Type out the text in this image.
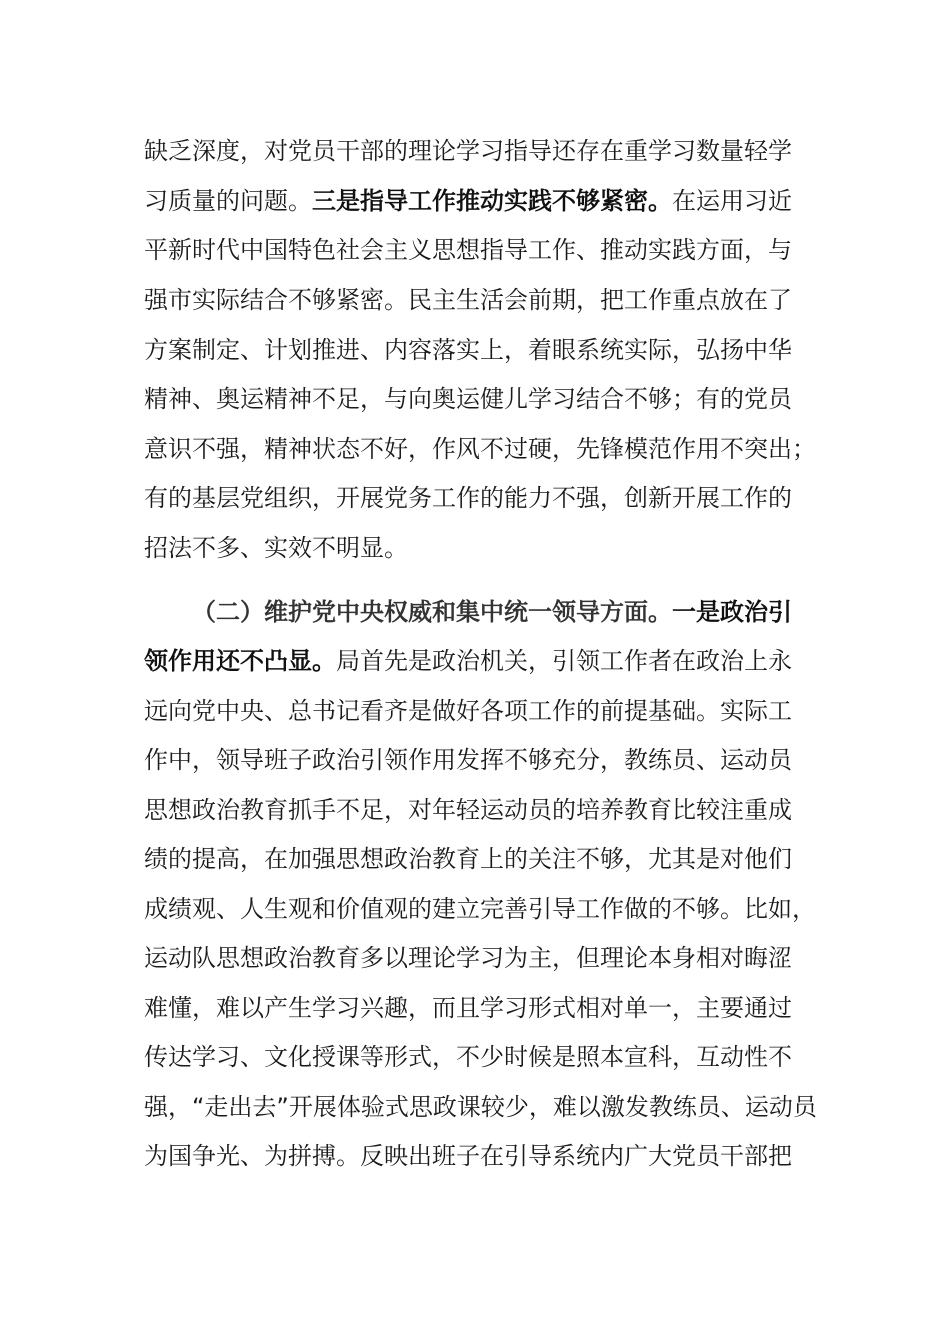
缺乏深度，对党员干部的理论学习指导还存在重学习数量轻学
习质量的问题。三是指导工作推动实践不够紧密。在运用习近
平新时代中国特色社会主义思想指导工作、推动实践方面，与
强市实际结合不够紧密。民主生活会前期，把工作重点放在了
方案制定、计划推进、内容落实上，着眼系统实际，弘扬中华
精神、奥运精神不足，与向奥运健儿学习结合不够；有的党员
意识不强，精神状态不好，作风不过硬，先锋模范作用不突出；
有的基层党组织，开展党务工作的能力不强，创新开展工作的
招法不多、实效不明显。
（二）维护党中央权威和集中统一领导方面。一是政治引
领作用还不凸显。局首先是政治机关，引领工作者在政治上永
远向党中央、总书记看齐是做好各项工作的前提基础。实际工
作中，领导班子政治引领作用发挥不够充分，教练员、运动员
思想政治教育抓手不足，对年轻运动员的培养教育比较注重成
绩的提高，在加强思想政治教育上的关注不够，尤其是对他们
成绩观、人生观和价值观的建立完善引导工作做的不够。比如，
运动队思想政治教育多以理论学习为主，但理论本身相对晦涩
难懂，难以产生学习兴趣，而且学习形式相对单一，主要通过
传达学习、文化授课等形式，不少时候是照本宣科，互动性不
强，“走出去”开展体验式思政课较少，难以激发教练员、运动员
为国争光、为拼搏。反映出班子在引导系统内广大党员干部把
